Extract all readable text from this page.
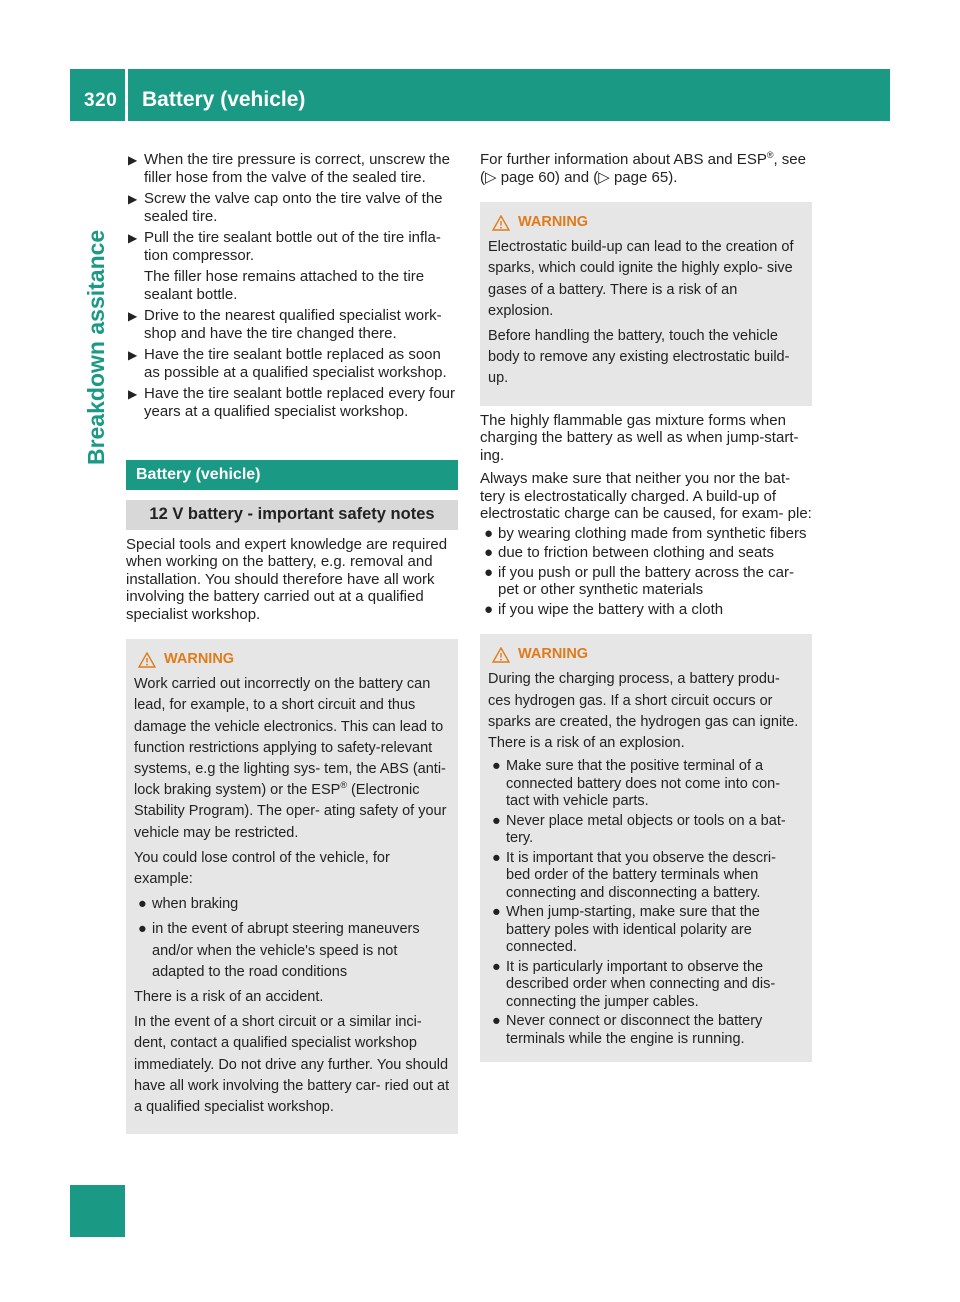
320 Battery (vehicle)
Breakdown assitance
▶ When the tire pressure is correct, unscrew the filler hose from the valve of the sealed tire.
▶ Screw the valve cap onto the tire valve of the sealed tire.
▶ Pull the tire sealant bottle out of the tire infla- tion compressor.
The filler hose remains attached to the tire sealant bottle.
▶ Drive to the nearest qualified specialist work- shop and have the tire changed there.
▶ Have the tire sealant bottle replaced as soon as possible at a qualified specialist workshop.
▶ Have the tire sealant bottle replaced every four years at a qualified specialist workshop.
Battery (vehicle)
12 V battery - important safety notes

Special tools and expert knowledge are required when working on the battery, e.g. removal and installation. You should therefore have all work involving the battery carried out at a qualified specialist workshop.

WARNING

Work carried out incorrectly on the battery can lead, for example, to a short circuit and thus damage the vehicle electronics. This can lead to function restrictions applying to safety-relevant systems, e.g the lighting sys- tem, the ABS (anti-lock braking system) or the ESP® (Electronic Stability Program). The oper- ating safety of your vehicle may be restricted.

You could lose control of the vehicle, for example:

● when braking
● in the event of abrupt steering maneuvers and/or when the vehicle's speed is not adapted to the road conditions

There is a risk of an accident.

In the event of a short circuit or a similar inci- dent, contact a qualified specialist workshop immediately. Do not drive any further. You should have all work involving the battery car- ried out at a qualified specialist workshop.

For further information about ABS and ESP®, see (▷ page 60) and (▷ page 65).

WARNING

Electrostatic build-up can lead to the creation of sparks, which could ignite the highly explo- sive gases of a battery. There is a risk of an explosion.

Before handling the battery, touch the vehicle body to remove any existing electrostatic build-up.

The highly flammable gas mixture forms when charging the battery as well as when jump-start- ing.

Always make sure that neither you nor the bat- tery is electrostatically charged. A build-up of electrostatic charge can be caused, for exam- ple:

● by wearing clothing made from synthetic fibers
● due to friction between clothing and seats
● if you push or pull the battery across the car- pet or other synthetic materials
● if you wipe the battery with a cloth
WARNING

During the charging process, a battery produ- ces hydrogen gas. If a short circuit occurs or sparks are created, the hydrogen gas can ignite. There is a risk of an explosion.

● Make sure that the positive terminal of a connected battery does not come into con- tact with vehicle parts.
● Never place metal objects or tools on a bat- tery.
● It is important that you observe the descri- bed order of the battery terminals when connecting and disconnecting a battery.
● When jump-starting, make sure that the battery poles with identical polarity are connected.
● It is particularly important to observe the described order when connecting and dis- connecting the jumper cables.
● Never connect or disconnect the battery terminals while the engine is running.
